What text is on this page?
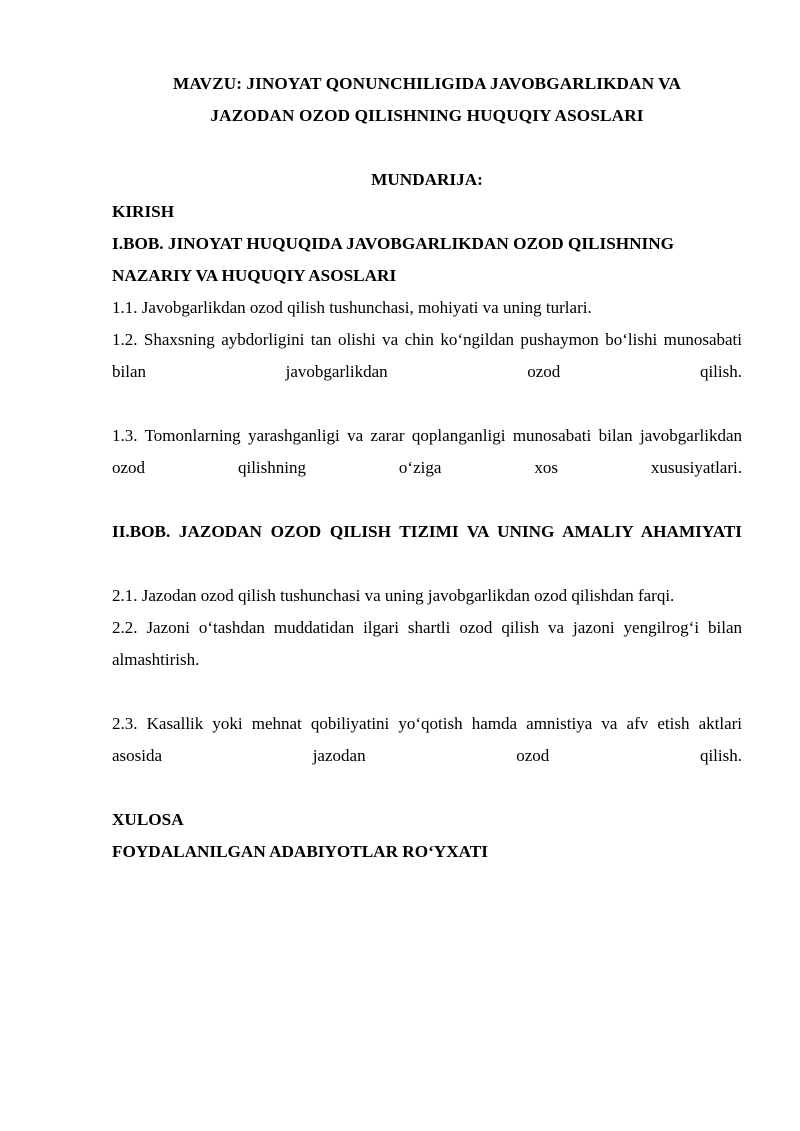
MAVZU: JINOYAT QONUNCHILIGIDA JAVOBGARLIKDAN VA
JAZODAN OZOD QILISHNING HUQUQIY ASOSLARI
MUNDARIJA:

KIRISH

I.BOB. JINOYAT HUQUQIDA JAVOBGARLIKDAN OZOD QILISHNING NAZARIY VA HUQUQIY ASOSLARI

1.1. Javobgarlikdan ozod qilish tushunchasi, mohiyati va uning turlari.

1.2. Shaxsning aybdorligini tan olishi va chin koʻngildan pushaymon boʻlishi munosabati bilan javobgarlikdan ozod qilish.

1.3. Tomonlarning yarashganligi va zarar qoplanganligi munosabati bilan javobgarlikdan ozod qilishning oʻziga xos xususiyatlari.

II.BOB. JAZODAN OZOD QILISH TIZIMI VA UNING AMALIY AHAMIYATI

2.1. Jazodan ozod qilish tushunchasi va uning javobgarlikdan ozod qilishdan farqi.

2.2. Jazoni oʻtashdan muddatidan ilgari shartli ozod qilish va jazoni yengilrogʻi bilan almashtirish.

2.3. Kasallik yoki mehnat qobiliyatini yoʻqotish hamda amnistiya va afv etish aktlari asosida jazodan ozod qilish.

XULOSA

FOYDALANILGAN ADABIYOTLAR ROʻYXATI
